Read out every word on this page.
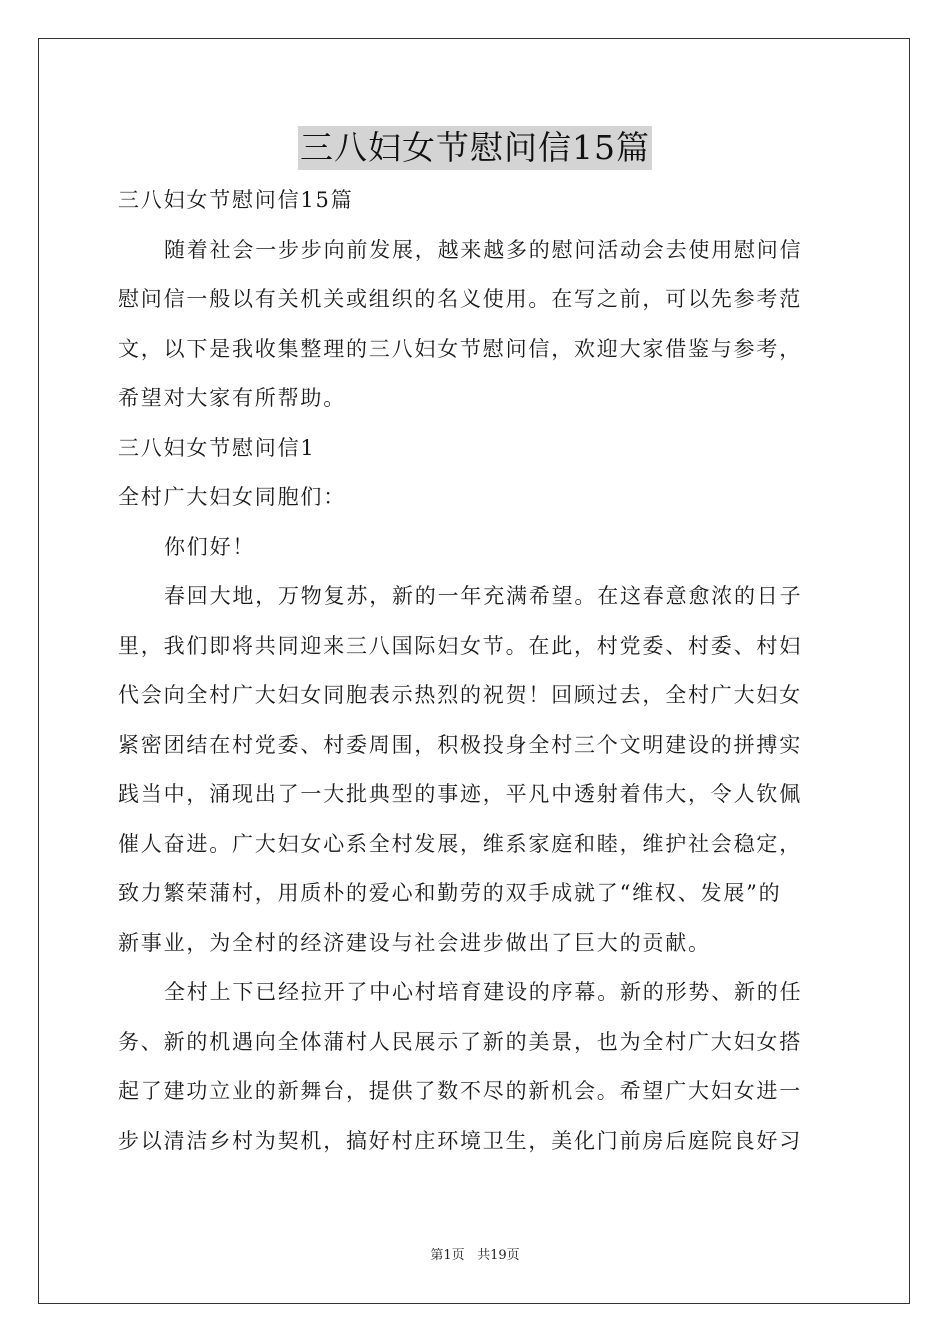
三八妇女节慰问信15篇
三八妇女节慰问信15篇
随着社会一步步向前发展，越来越多的慰问活动会去使用慰问信
慰问信一般以有关机关或组织的名义使用。在写之前，可以先参考范
文，以下是我收集整理的三八妇女节慰问信，欢迎大家借鉴与参考，
希望对大家有所帮助。
三八妇女节慰问信1
全村广大妇女同胞们：
你们好！
春回大地，万物复苏，新的一年充满希望。在这春意愈浓的日子
里，我们即将共同迎来三八国际妇女节。在此，村党委、村委、村妇
代会向全村广大妇女同胞表示热烈的祝贺！回顾过去，全村广大妇女
紧密团结在村党委、村委周围，积极投身全村三个文明建设的拼搏实
践当中，涌现出了一大批典型的事迹，平凡中透射着伟大，令人钦佩
催人奋进。广大妇女心系全村发展，维系家庭和睦，维护社会稳定，
致力繁荣蒲村，用质朴的爱心和勤劳的双手成就了“维权、发展”的
新事业，为全村的经济建设与社会进步做出了巨大的贡献。
全村上下已经拉开了中心村培育建设的序幕。新的形势、新的任
务、新的机遇向全体蒲村人民展示了新的美景，也为全村广大妇女搭
起了建功立业的新舞台，提供了数不尽的新机会。希望广大妇女进一
步以清洁乡村为契机，搞好村庄环境卫生，美化门前房后庭院良好习
第1页 共19页
